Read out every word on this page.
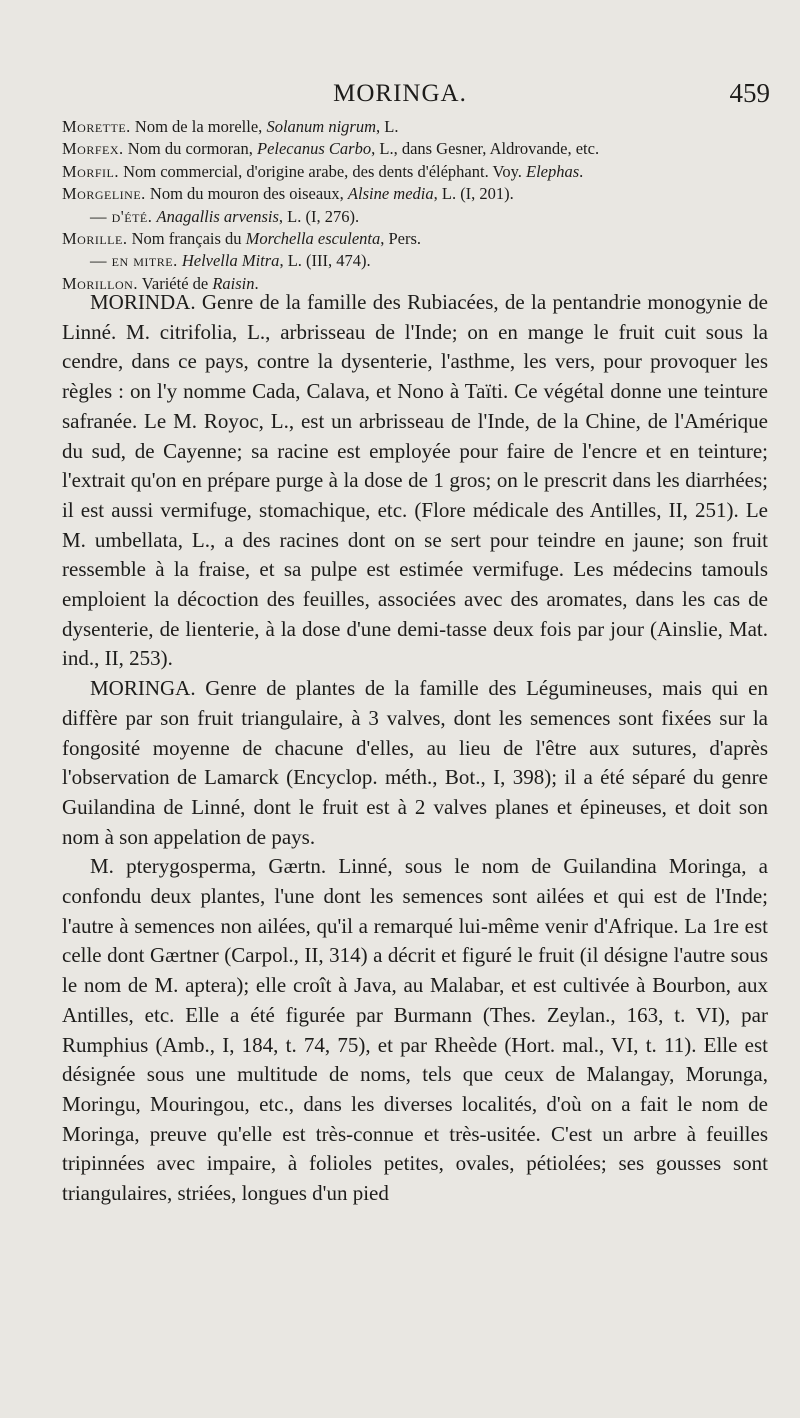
MORINGA.	459
Morette. Nom de la morelle, Solanum nigrum, L.
Morfex. Nom du cormoran, Pelecanus Carbo, L., dans Gesner, Aldrovande, etc.
Morfil. Nom commercial, d'origine arabe, des dents d'éléphant. Voy. Elephas.
Morgeline. Nom du mouron des oiseaux, Alsine media, L. (I, 201).
— d'été. Anagallis arvensis, L. (I, 276).
Morille. Nom français du Morchella esculenta, Pers.
— en mitre. Helvella Mitra, L. (III, 474).
Morillon. Variété de Raisin.

MORINDA. Genre de la famille des Rubiacées, de la pentandrie monogynie de Linné. M. citrifolia, L., arbrisseau de l'Inde; on en mange le fruit cuit sous la cendre, dans ce pays, contre la dysenterie, l'asthme, les vers, pour provoquer les règles : on l'y nomme Cada, Calava, et Nono à Taïti. Ce végétal donne une teinture safranée. Le M. Royoc, L., est un arbrisseau de l'Inde, de la Chine, de l'Amérique du sud, de Cayenne; sa racine est employée pour faire de l'encre et en teinture; l'extrait qu'on en prépare purge à la dose de 1 gros; on le prescrit dans les diarrhées; il est aussi vermifuge, stomachique, etc. (Flore médicale des Antilles, II, 251). Le M. umbellata, L., a des racines dont on se sert pour teindre en jaune; son fruit ressemble à la fraise, et sa pulpe est estimée vermifuge. Les médecins tamouls emploient la décoction des feuilles, associées avec des aromates, dans les cas de dysenterie, de lienterie, à la dose d'une demi-tasse deux fois par jour (Ainslie, Mat. ind., II, 253).

MORINGA. Genre de plantes de la famille des Légumineuses, mais qui en diffère par son fruit triangulaire, à 3 valves, dont les semences sont fixées sur la fongosité moyenne de chacune d'elles, au lieu de l'être aux sutures, d'après l'observation de Lamarck (Encyclop. méth., Bot., I, 398); il a été séparé du genre Guilandina de Linné, dont le fruit est à 2 valves planes et épineuses, et doit son nom à son appelation de pays.

M. pterygosperma, Gærtn. Linné, sous le nom de Guilandina Moringa, a confondu deux plantes, l'une dont les semences sont ailées et qui est de l'Inde; l'autre à semences non ailées, qu'il a remarqué lui-même venir d'Afrique. La 1re est celle dont Gærtner (Carpol., II, 314) a décrit et figuré le fruit (il désigne l'autre sous le nom de M. aptera); elle croît à Java, au Malabar, et est cultivée à Bourbon, aux Antilles, etc. Elle a été figurée par Burmann (Thes. Zeylan., 163, t. VI), par Rumphius (Amb., I, 184, t. 74, 75), et par Rheède (Hort. mal., VI, t. 11). Elle est désignée sous une multitude de noms, tels que ceux de Malangay, Morunga, Moringu, Mouringou, etc., dans les diverses localités, d'où on a fait le nom de Moringa, preuve qu'elle est très-connue et très-usitée. C'est un arbre à feuilles tripinnées avec impaire, à folioles petites, ovales, pétiolées; ses gousses sont triangulaires, striées, longues d'un pied
